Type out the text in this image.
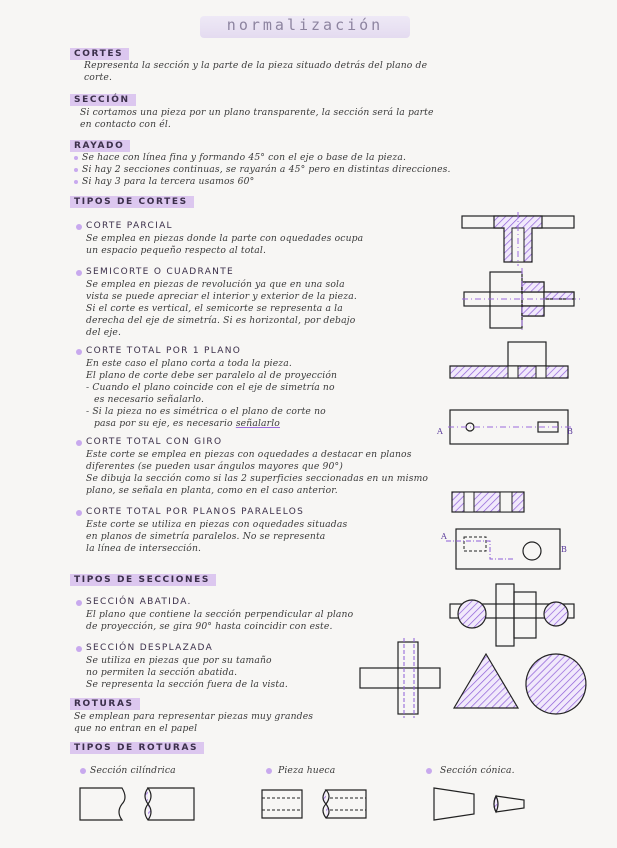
normalización
CORTES
Representa la sección y la parte de la pieza situado detrás del plano de
corte.
SECCIÓN
Si cortamos una pieza por un plano transparente, la sección será la parte
en contacto con él.
RAYADO
Se hace con línea fina y formando 45° con el eje o base de la pieza.
Si hay 2 secciones continuas, se rayarán a 45° pero en distintas direcciones.
Si hay 3 para la tercera usamos 60°
TIPOS DE CORTES
CORTE PARCIAL
Se emplea en piezas donde la parte con oquedades ocupa
un espacio pequeño respecto al total.
SEMICORTE O CUADRANTE
Se emplea en piezas de revolución ya que en una sola
vista se puede apreciar el interior y exterior de la pieza.
Si el corte es vertical, el semicorte se representa a la
derecha del eje de simetría. Si es horizontal, por debajo
del eje.
CORTE TOTAL POR 1 PLANO
En este caso el plano corta a toda la pieza.
El plano de corte debe ser paralelo al de proyección
- Cuando el plano coincide con el eje de simetría no
es necesario señalarlo.
- Si la pieza no es simétrica o el plano de corte no
pasa por su eje, es necesario señalarlo
CORTE TOTAL CON GIRO
Este corte se emplea en piezas con oquedades a destacar en planos
diferentes (se pueden usar ángulos mayores que 90°)
Se dibuja la sección como si las 2 superficies seccionadas en un mismo
plano, se señala en planta, como en el caso anterior.
CORTE TOTAL POR PLANOS PARALELOS
Este corte se utiliza en piezas con oquedades situadas
en planos de simetría paralelos. No se representa
la línea de intersección.
TIPOS DE SECCIONES
SECCIÓN ABATIDA.
El plano que contiene la sección perpendicular al plano
de proyección, se gira 90° hasta coincidir con este.
SECCIÓN DESPLAZADA
Se utiliza en piezas que por su tamaño
no permiten la sección abatida.
Se representa la sección fuera de la vista.
ROTURAS
Se emplean para representar piezas muy grandes
que no entran en el papel
TIPOS DE ROTURAS
Sección cilíndrica	Pieza hueca	Sección cónica.
A	B
A
B
